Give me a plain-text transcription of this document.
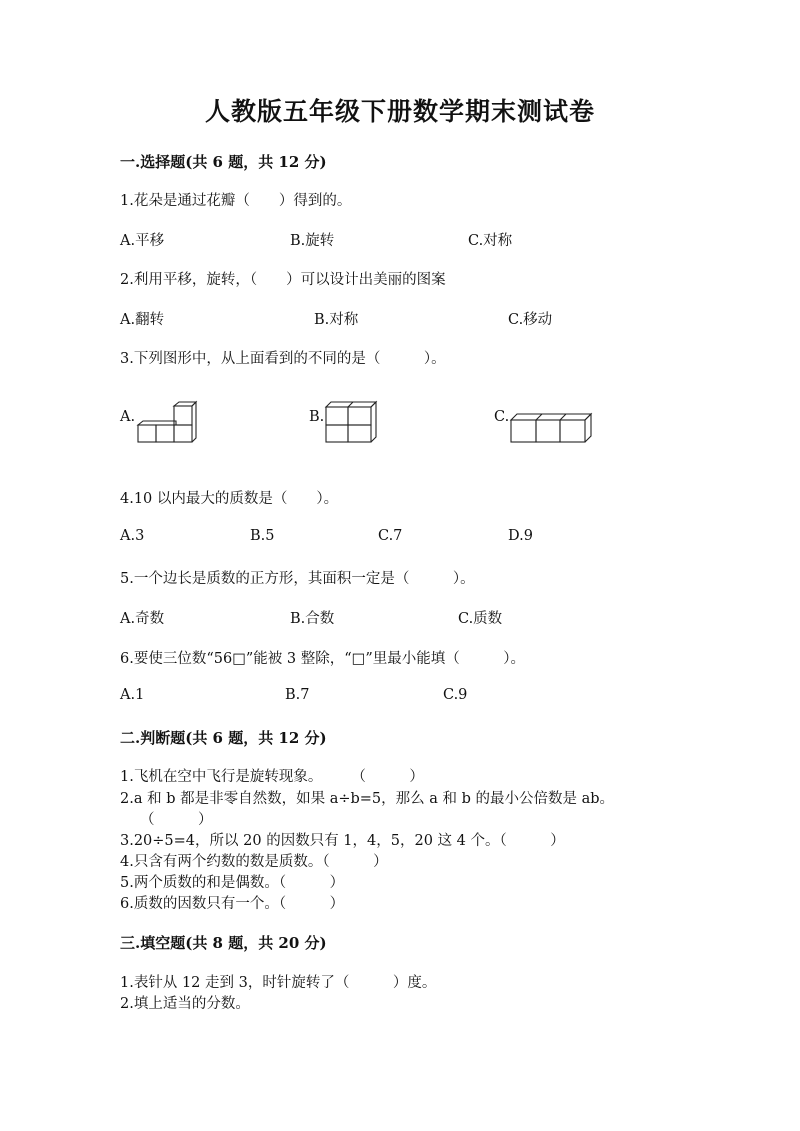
人教版五年级下册数学期末测试卷
一.选择题(共 6 题，共 12 分)
1.花朵是通过花瓣（　　）得到的。
A.平移	B.旋转	C.对称
2.利用平移，旋转，（　　）可以设计出美丽的图案
A.翻转	B.对称	C.移动
3.下列图形中，从上面看到的不同的是（　　　）。
A.	B.	C.
4.10 以内最大的质数是（　　）。
A.3	B.5	C.7	D.9
5.一个边长是质数的正方形，其面积一定是（　　　）。
A.奇数	B.合数	C.质数
6.要使三位数“56□”能被 3 整除，“□”里最小能填（　　　）。
A.1	B.7	C.9
二.判断题(共 6 题，共 12 分)
1.飞机在空中飞行是旋转现象。　　　（　　　）
2.a 和 b 都是非零自然数，如果 a÷b=5，那么 a 和 b 的最小公倍数是 ab。
（　　　）
3.20÷5=4，所以 20 的因数只有 1，4，5，20 这 4 个。（　　　）
4.只含有两个约数的数是质数。（　　　）
5.两个质数的和是偶数。（　　　）
6.质数的因数只有一个。（　　　）
三.填空题(共 8 题，共 20 分)
1.表针从 12 走到 3，时针旋转了（　　　）度。
2.填上适当的分数。
